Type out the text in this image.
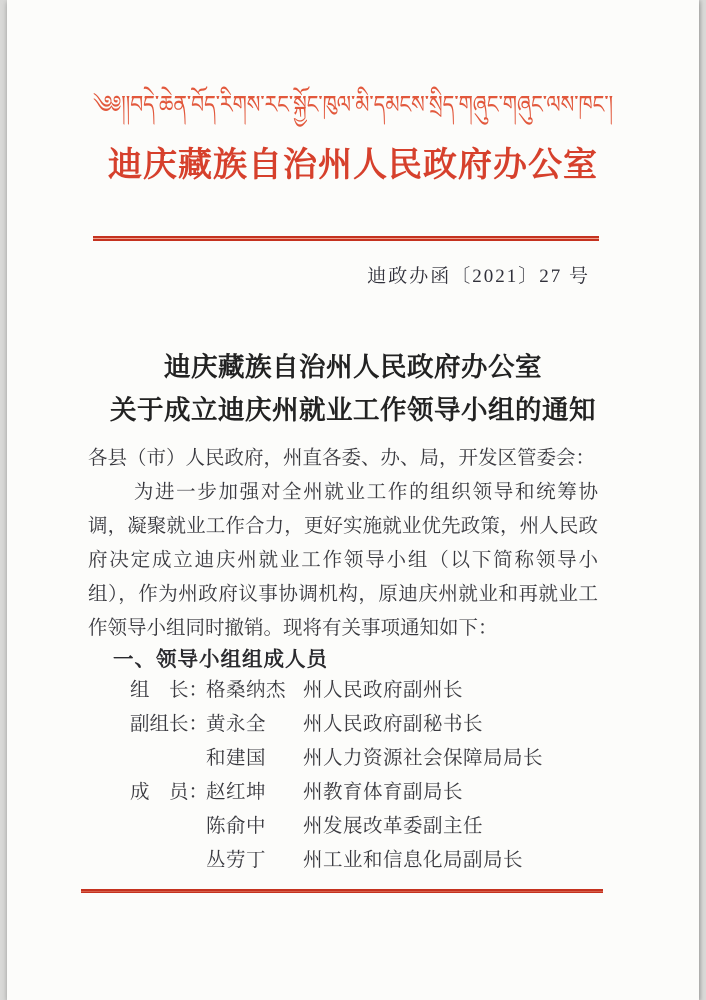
༄༅།།བདེ་ཆེན་བོད་རིགས་རང་སྐྱོང་ཁུལ་མི་དམངས་སྲིད་གཞུང་གཞུང་ལས་ཁང་།
迪庆藏族自治州人民政府办公室
迪政办函〔2021〕27 号
迪庆藏族自治州人民政府办公室
关于成立迪庆州就业工作领导小组的通知

各县（市）人民政府，州直各委、办、局，开发区管委会：

为进一步加强对全州就业工作的组织领导和统筹协调，凝聚就业工作合力，更好实施就业优先政策，州人民政府决定成立迪庆州就业工作领导小组（以下简称领导小组），作为州政府议事协调机构，原迪庆州就业和再就业工作领导小组同时撤销。现将有关事项通知如下：

一、领导小组组成人员
组　长：
格桑纳杰 州人民政府副州长
副组长：
黄永全	州人民政府副秘书长
和建国	州人力资源社会保障局局长
成　员：
赵红坤	州教育体育副局长
陈俞中	州发展改革委副主任
丛劳丁	州工业和信息化局副局长
